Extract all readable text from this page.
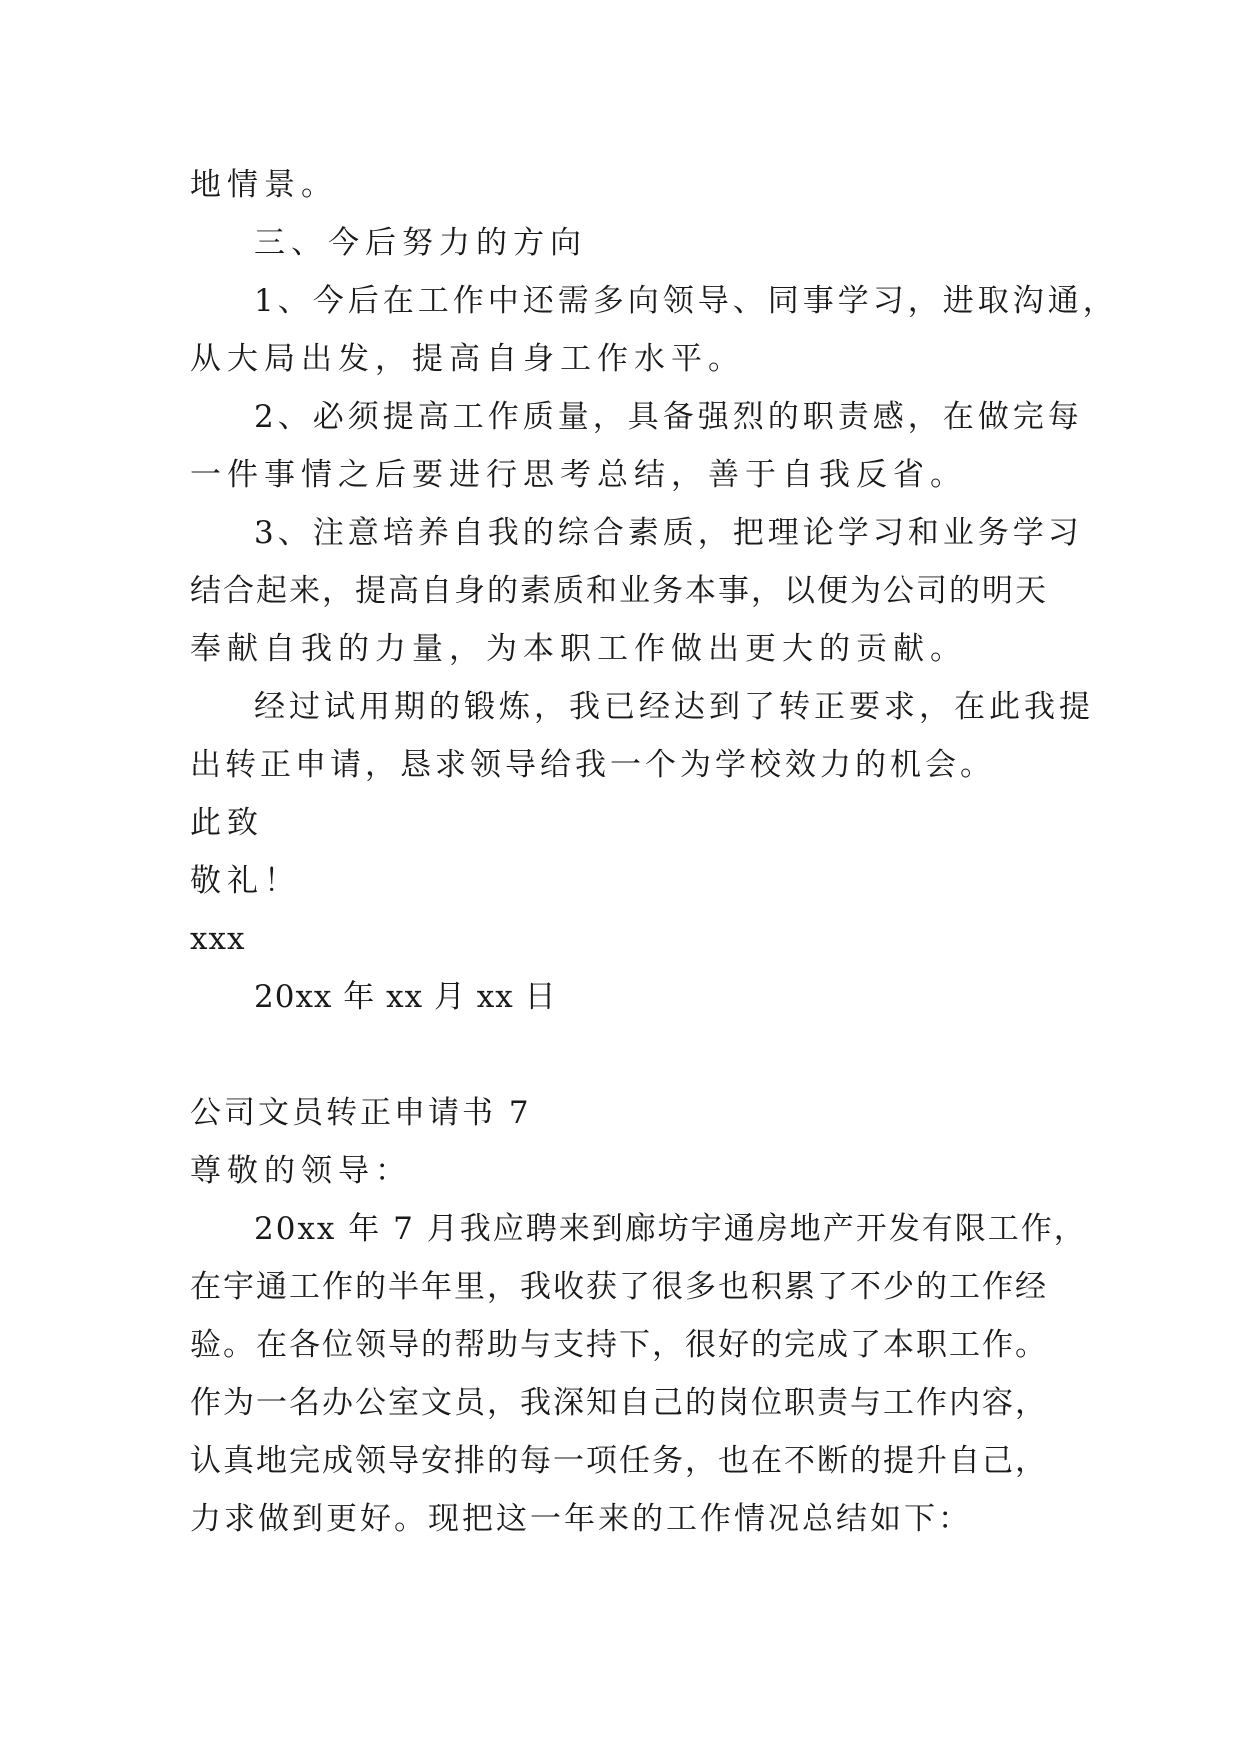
地情景。
三、今后努力的方向
1、今后在工作中还需多向领导、同事学习，进取沟通，
从大局出发，提高自身工作水平。
2、必须提高工作质量，具备强烈的职责感，在做完每
一件事情之后要进行思考总结，善于自我反省。
3、注意培养自我的综合素质，把理论学习和业务学习
结合起来，提高自身的素质和业务本事，以便为公司的明天
奉献自我的力量，为本职工作做出更大的贡献。
经过试用期的锻炼，我已经达到了转正要求，在此我提
出转正申请，恳求领导给我一个为学校效力的机会。
此致
敬礼！
xxx
20xx 年 xx 月 xx 日
公司文员转正申请书 7
尊敬的领导：
20xx 年 7 月我应聘来到廊坊宇通房地产开发有限工作，
在宇通工作的半年里，我收获了很多也积累了不少的工作经
验。在各位领导的帮助与支持下，很好的完成了本职工作。
作为一名办公室文员，我深知自己的岗位职责与工作内容，
认真地完成领导安排的每一项任务，也在不断的提升自己，
力求做到更好。现把这一年来的工作情况总结如下：
